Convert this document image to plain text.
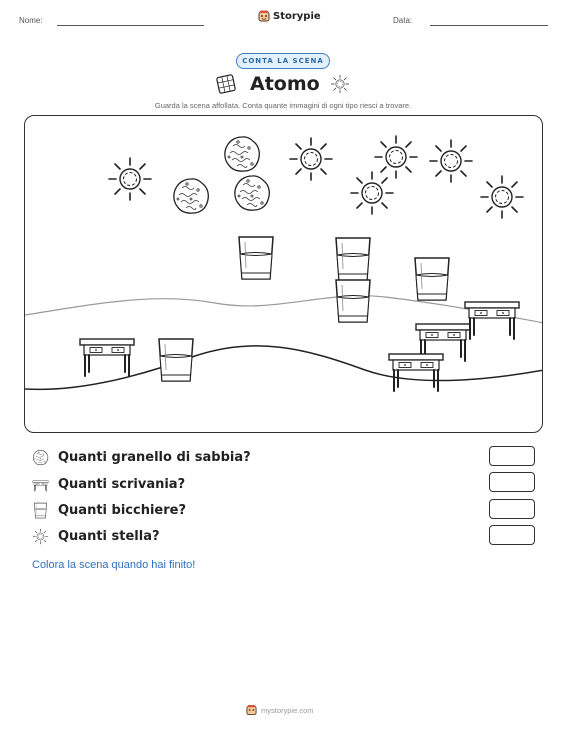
Nome:	Storypie	Data:
CONTA LA SCENA
Atomo
Guarda la scena affollata. Conta quante immagini di ogni tipo riesci a trovare.
Quanti granello di sabbia?
Quanti scrivania?
Quanti bicchiere?
Quanti stella?
Colora la scena quando hai finito!
mystorypie.com
